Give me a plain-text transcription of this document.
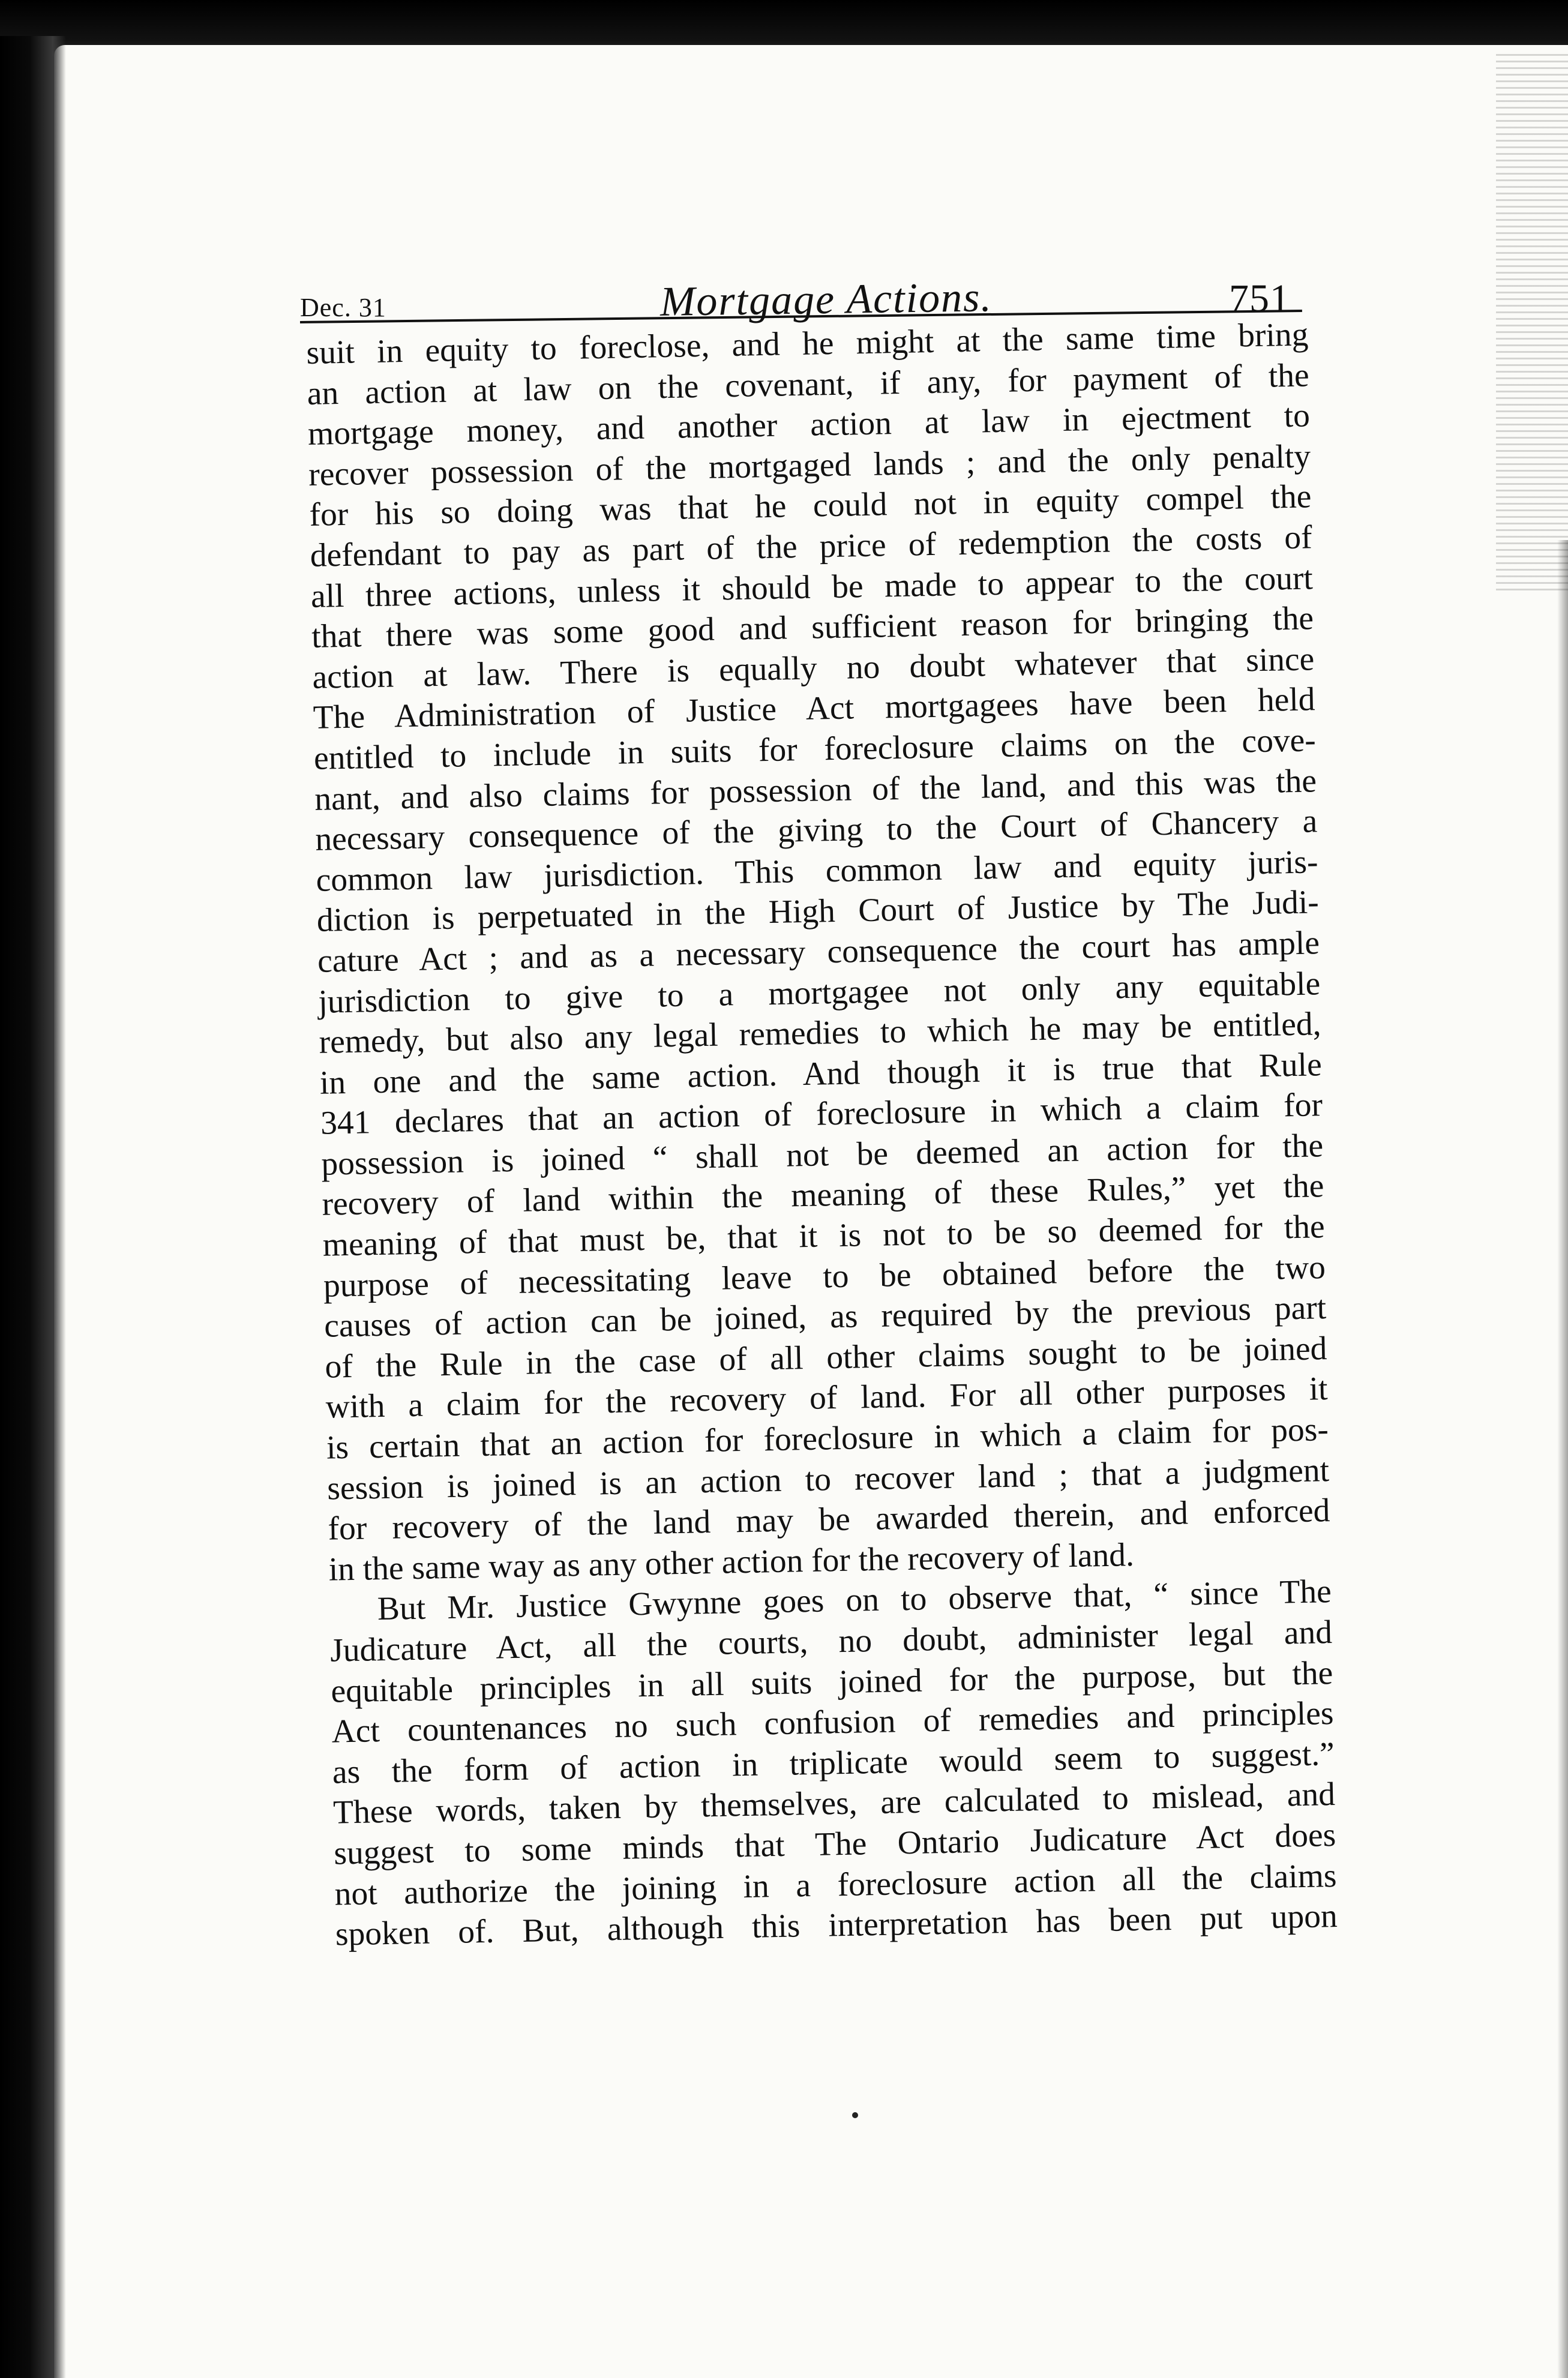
Dec. 31	Mortgage Actions.	751
suit in equity to foreclose, and he might at the same time bring
an action at law on the covenant, if any, for payment of the
mortgage money, and another action at law in ejectment to
recover possession of the mortgaged lands ; and the only penalty
for his so doing was that he could not in equity compel the
defendant to pay as part of the price of redemption the costs of
all three actions, unless it should be made to appear to the court
that there was some good and sufficient reason for bringing the
action at law. There is equally no doubt whatever that since
The Administration of Justice Act mortgagees have been held
entitled to include in suits for foreclosure claims on the cove-
nant, and also claims for possession of the land, and this was the
necessary consequence of the giving to the Court of Chancery a
common law jurisdiction. This common law and equity juris-
diction is perpetuated in the High Court of Justice by The Judi-
cature Act ; and as a necessary consequence the court has ample
jurisdiction to give to a mortgagee not only any equitable
remedy, but also any legal remedies to which he may be entitled,
in one and the same action. And though it is true that Rule
341 declares that an action of foreclosure in which a claim for
possession is joined “ shall not be deemed an action for the
recovery of land within the meaning of these Rules,” yet the
meaning of that must be, that it is not to be so deemed for the
purpose of necessitating leave to be obtained before the two
causes of action can be joined, as required by the previous part
of the Rule in the case of all other claims sought to be joined
with a claim for the recovery of land. For all other purposes it
is certain that an action for foreclosure in which a claim for pos-
session is joined is an action to recover land ; that a judgment
for recovery of the land may be awarded therein, and enforced
in the same way as any other action for the recovery of land.
But Mr. Justice Gwynne goes on to observe that, “ since The
Judicature Act, all the courts, no doubt, administer legal and
equitable principles in all suits joined for the purpose, but the
Act countenances no such confusion of remedies and principles
as the form of action in triplicate would seem to suggest.”
These words, taken by themselves, are calculated to mislead, and
suggest to some minds that The Ontario Judicature Act does
not authorize the joining in a foreclosure action all the claims
spoken of. But, although this interpretation has been put upon
